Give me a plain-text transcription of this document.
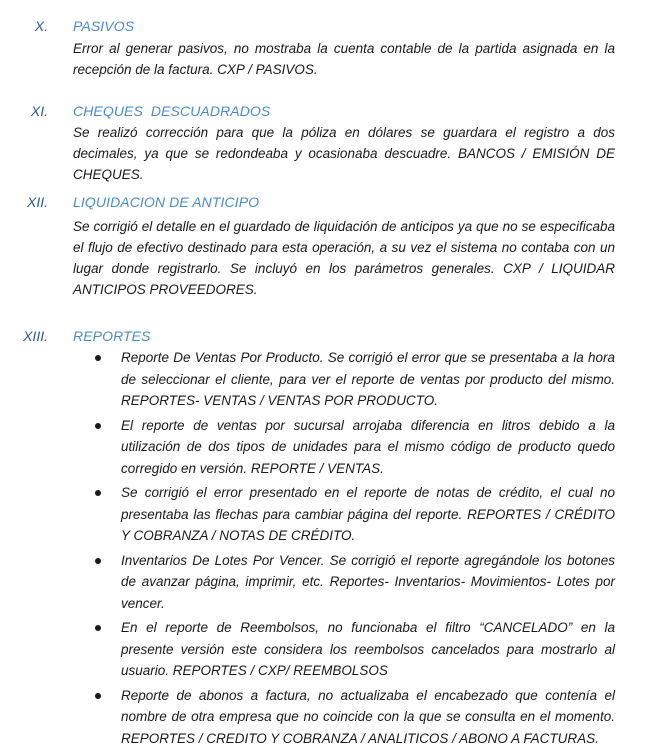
X. PASIVOS
Error al generar pasivos, no mostraba la cuenta contable de la partida asignada en la recepción de la factura. CXP / PASIVOS.
XI. CHEQUES  DESCUADRADOS
Se realizó corrección para que la póliza en dólares se guardara el registro a dos decimales, ya que se redondeaba y ocasionaba descuadre. BANCOS / EMISIÓN DE CHEQUES.
XII. LIQUIDACION DE ANTICIPO
Se corrigió el detalle en el guardado de liquidación de anticipos ya que no se especificaba el flujo de efectivo destinado para esta operación, a su vez el sistema no contaba con un lugar donde registrarlo. Se incluyó en los parámetros generales. CXP / LIQUIDAR ANTICIPOS PROVEEDORES.
XIII. REPORTES
Reporte De Ventas Por Producto. Se corrigió el error que se presentaba a la hora de seleccionar el cliente, para ver el reporte de ventas por producto del mismo. REPORTES- VENTAS / VENTAS POR PRODUCTO.
El reporte de ventas por sucursal arrojaba diferencia en litros debido a la utilización de dos tipos de unidades para el mismo código de producto quedo corregido en versión. REPORTE / VENTAS.
Se corrigió el error presentado en el reporte de notas de crédito, el cual no presentaba las flechas para cambiar página del reporte. REPORTES / CRÉDITO Y COBRANZA / NOTAS DE CRÉDITO.
Inventarios De Lotes Por Vencer. Se corrigió el reporte agregándole los botones de avanzar página, imprimir, etc. Reportes- Inventarios- Movimientos- Lotes por vencer.
En el reporte de Reembolsos, no funcionaba el filtro “CANCELADO” en la presente versión este considera los reembolsos cancelados para mostrarlo al usuario. REPORTES / CXP/ REEMBOLSOS
Reporte de abonos a factura, no actualizaba el encabezado que contenía el nombre de otra empresa que no coincide con la que se consulta en el momento. REPORTES / CREDITO Y COBRANZA / ANALITICOS / ABONO A FACTURAS.
